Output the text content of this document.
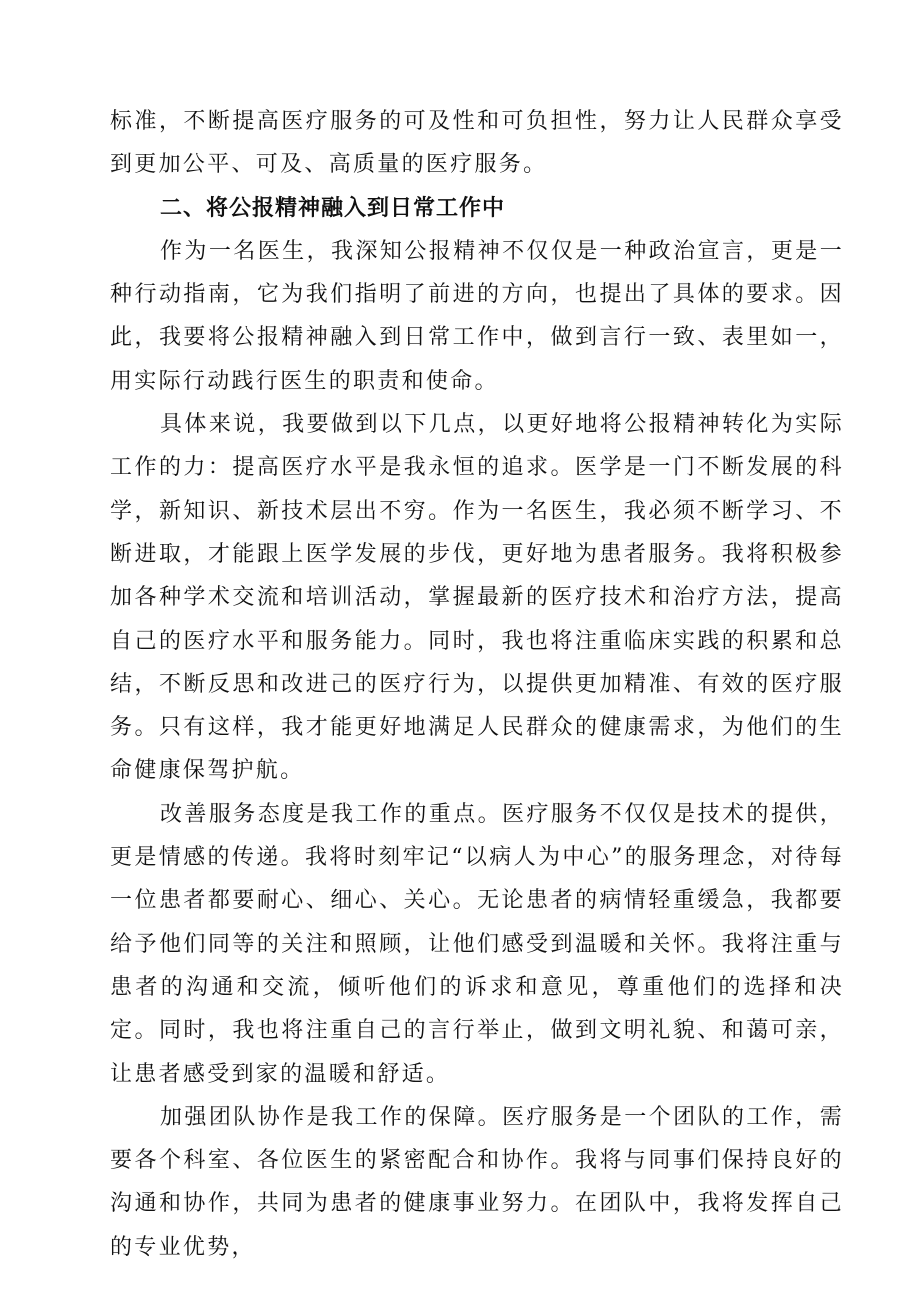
标准，不断提高医疗服务的可及性和可负担性，努力让人民群众享受到更加公平、可及、高质量的医疗服务。

二、将公报精神融入到日常工作中

作为一名医生，我深知公报精神不仅仅是一种政治宣言，更是一种行动指南，它为我们指明了前进的方向，也提出了具体的要求。因此，我要将公报精神融入到日常工作中，做到言行一致、表里如一，用实际行动践行医生的职责和使命。

具体来说，我要做到以下几点，以更好地将公报精神转化为实际工作的力：提高医疗水平是我永恒的追求。医学是一门不断发展的科学，新知识、新技术层出不穷。作为一名医生，我必须不断学习、不断进取，才能跟上医学发展的步伐，更好地为患者服务。我将积极参加各种学术交流和培训活动，掌握最新的医疗技术和治疗方法，提高自己的医疗水平和服务能力。同时，我也将注重临床实践的积累和总结，不断反思和改进己的医疗行为，以提供更加精准、有效的医疗服务。只有这样，我才能更好地满足人民群众的健康需求，为他们的生命健康保驾护航。

改善服务态度是我工作的重点。医疗服务不仅仅是技术的提供，更是情感的传递。我将时刻牢记“以病人为中心”的服务理念，对待每一位患者都要耐心、细心、关心。无论患者的病情轻重缓急，我都要给予他们同等的关注和照顾，让他们感受到温暖和关怀。我将注重与患者的沟通和交流，倾听他们的诉求和意见，尊重他们的选择和决定。同时，我也将注重自己的言行举止，做到文明礼貌、和蔼可亲，让患者感受到家的温暖和舒适。

加强团队协作是我工作的保障。医疗服务是一个团队的工作，需要各个科室、各位医生的紧密配合和协作。我将与同事们保持良好的沟通和协作，共同为患者的健康事业努力。在团队中，我将发挥自己的专业优势，
